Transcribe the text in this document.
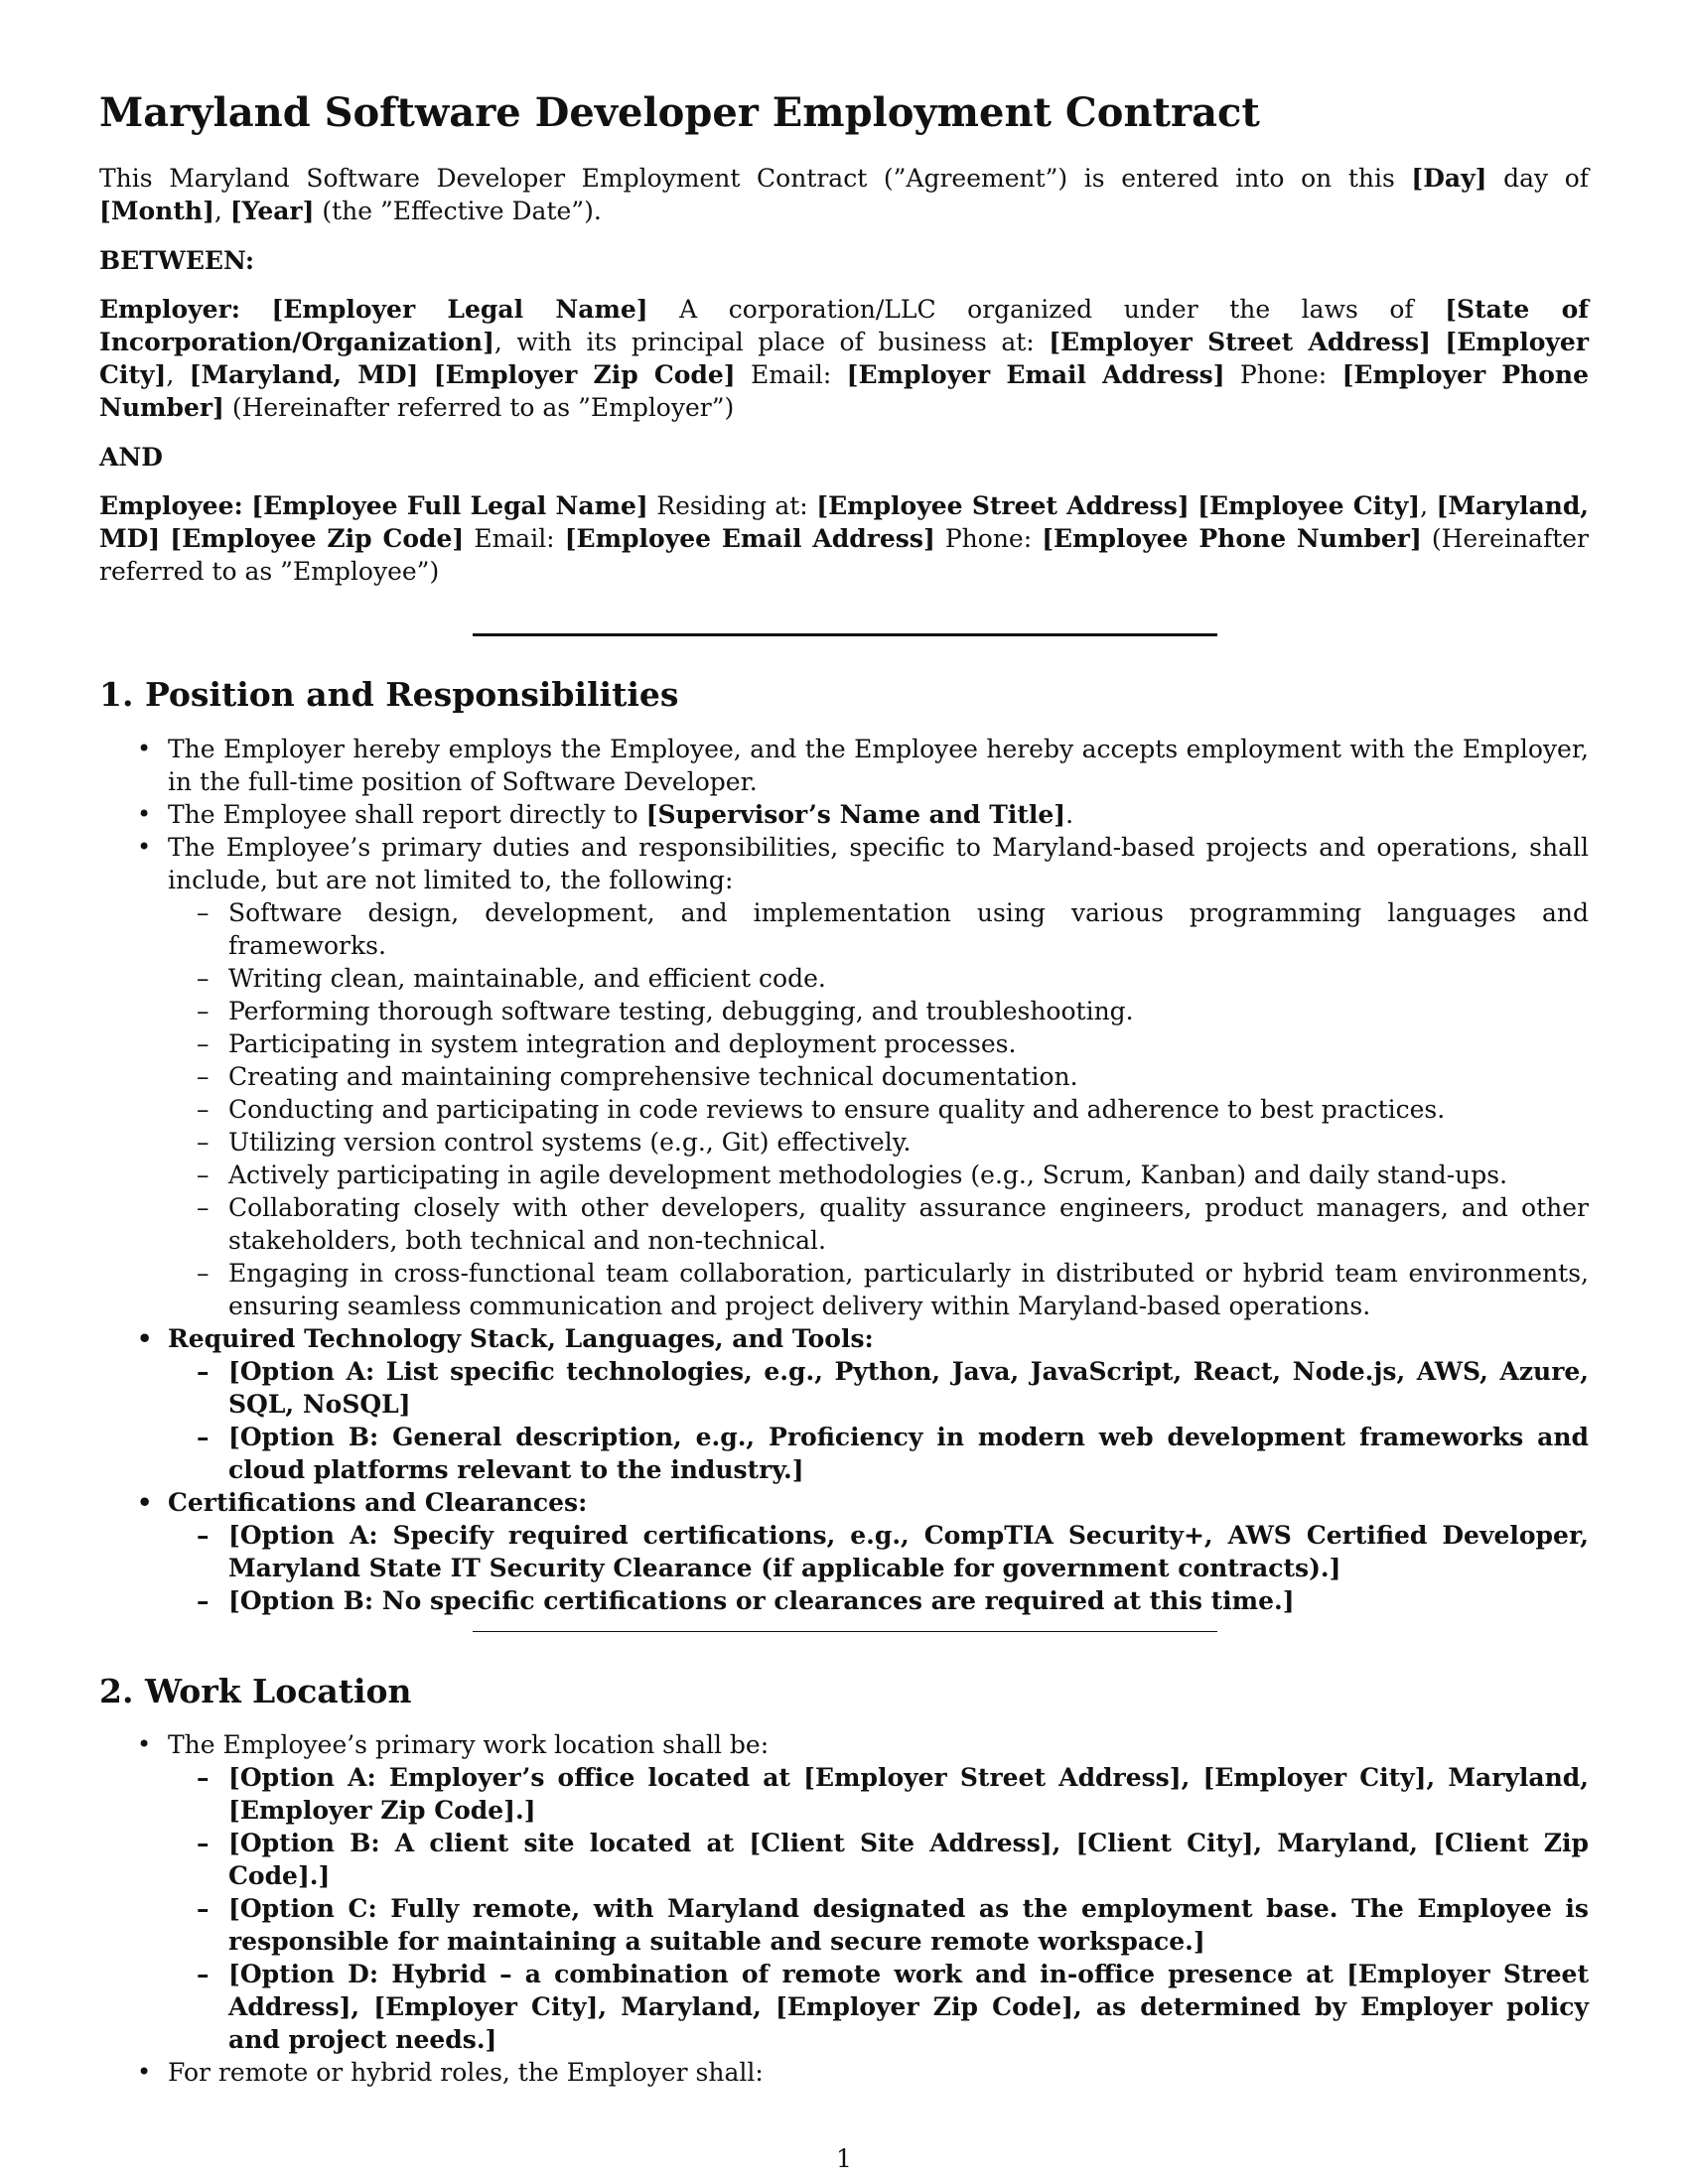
Maryland Software Developer Employment Contract

This Maryland Software Developer Employment Contract (”Agreement”) is entered into on this [Day] day of [Month], [Year] (the ”Effective Date”).

BETWEEN:

Employer: [Employer Legal Name] A corporation/LLC organized under the laws of [State of Incorporation/Organization], with its principal place of business at: [Employer Street Address] [Employer City], [Maryland, MD] [Employer Zip Code] Email: [Employer Email Address] Phone: [Employer Phone Number] (Hereinafter referred to as ”Employer”)

AND

Employee: [Employee Full Legal Name] Residing at: [Employee Street Address] [Employee City], [Maryland, MD] [Employee Zip Code] Email: [Employee Email Address] Phone: [Employee Phone Number] (Hereinafter referred to as ”Employee”)

1. Position and Responsibilities
• The Employer hereby employs the Employee, and the Employee hereby accepts employment with the Employer, in the full-time position of Software Developer.
• The Employee shall report directly to [Supervisor’s Name and Title].
• The Employee’s primary duties and responsibilities, specific to Maryland-based projects and operations, shall include, but are not limited to, the following:
– Software design, development, and implementation using various programming languages and frameworks.
– Writing clean, maintainable, and efficient code.
– Performing thorough software testing, debugging, and troubleshooting.
– Participating in system integration and deployment processes.
– Creating and maintaining comprehensive technical documentation.
– Conducting and participating in code reviews to ensure quality and adherence to best practices.
– Utilizing version control systems (e.g., Git) effectively.
– Actively participating in agile development methodologies (e.g., Scrum, Kanban) and daily stand-ups.
– Collaborating closely with other developers, quality assurance engineers, product managers, and other stakeholders, both technical and non-technical.
– Engaging in cross-functional team collaboration, particularly in distributed or hybrid team environments, ensuring seamless communication and project delivery within Maryland-based operations.
• Required Technology Stack, Languages, and Tools:
– [Option A: List specific technologies, e.g., Python, Java, JavaScript, React, Node.js, AWS, Azure, SQL, NoSQL]
– [Option B: General description, e.g., Proficiency in modern web development frameworks and cloud platforms relevant to the industry.]
• Certifications and Clearances:
– [Option A: Specify required certifications, e.g., CompTIA Security+, AWS Certified Developer, Maryland State IT Security Clearance (if applicable for government contracts).]
– [Option B: No specific certifications or clearances are required at this time.]
2. Work Location
• The Employee’s primary work location shall be:
– [Option A: Employer’s office located at [Employer Street Address], [Employer City], Maryland, [Employer Zip Code].]
– [Option B: A client site located at [Client Site Address], [Client City], Maryland, [Client Zip Code].]
– [Option C: Fully remote, with Maryland designated as the employment base. The Employee is responsible for maintaining a suitable and secure remote workspace.]
– [Option D: Hybrid – a combination of remote work and in-office presence at [Employer Street Address], [Employer City], Maryland, [Employer Zip Code], as determined by Employer policy and project needs.]
• For remote or hybrid roles, the Employer shall:
1
